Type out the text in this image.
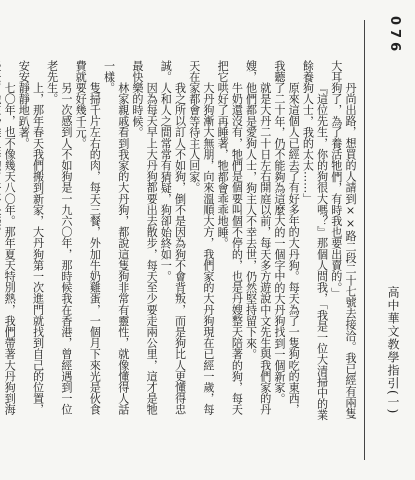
076
高中華文教學指引(一)

丹尚出路，想買的人請到××路二段二十七號去接洽。我已經有兩隻大耳狗了，為了養活牠們，有時我也要出賣的。」

『這位先生，你的狗很大嗎？』那個人問我，「我是一位大清掃中的業餘養狗人士，我的太太……」

原來這個人已經去了有好多年的大丹狗。每天為了一隻狗吃的東西，我聽了二十年，仍不能夠為這麼大的一個字中的大丹狗找到一個新家。

就是大丹二十日左右開庭以前，每天多方遊說中文先生與我們家的丹嫂，他們都是愛狗人士，狗主人不幸去世，仍然堅持留下來。

牛奶還沒有，牠們是個要叫個不停的，也是丹嫂整天陪著的狗，每天把它哄好了再睡著，牠都會乖乖地睡。

大丹狗漸大無朋，向來溫順大方，我們家的大丹狗現在已經一歲，每天在家都會等待主人回家。

我之所以訂人不如狗，倒不是因為狗不會背叛，而是狗比人更懂得忠誠。人和人之間常常有猜疑，狗卻始終如一。

因為每天早上大丹狗都要出去散步，每天至少要走兩公里，這才是牠最快樂的時候。

林家親戚看到我家的大丹狗，都說這隻狗非常有靈性，就像懂得人話一樣。

隻掃千片左右的肉，每天三餐，外加牛奶雞蛋，一個月下來光是伙食費就要好幾千元。

另一次感到人不如狗是一九六〇年，那時候我在香港，曾經遇到一位老先生。

上，那年春天我們搬到新家，大丹狗第一次進門就找到自己的位置，安安靜靜地趴著。

七〇年，也不像幾天八〇年。那年夏天特別熱，我們帶著大丹狗到海
